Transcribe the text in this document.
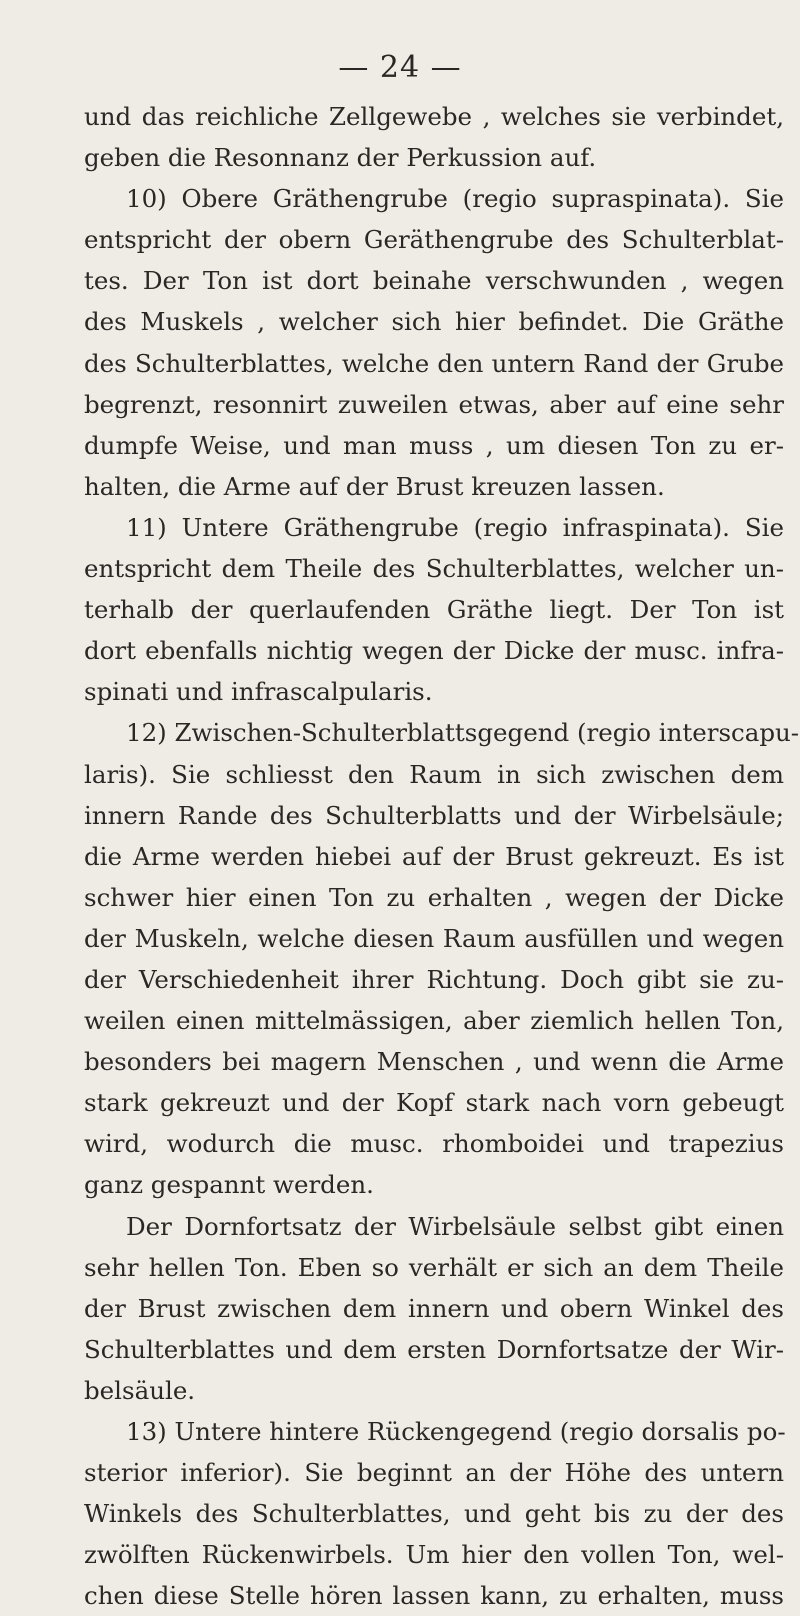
— 24 —
und das reichliche Zellgewebe , welches sie verbindet,
geben die Resonnanz der Perkussion auf.
10) Obere Gräthengrube (regio supraspinata). Sie
entspricht der obern Geräthengrube des Schulterblat-
tes. Der Ton ist dort beinahe verschwunden , wegen
des Muskels , welcher sich hier befindet. Die Gräthe
des Schulterblattes, welche den untern Rand der Grube
begrenzt, resonnirt zuweilen etwas, aber auf eine sehr
dumpfe Weise, und man muss , um diesen Ton zu er-
halten, die Arme auf der Brust kreuzen lassen.
11) Untere Gräthengrube (regio infraspinata). Sie
entspricht dem Theile des Schulterblattes, welcher un-
terhalb der querlaufenden Gräthe liegt. Der Ton ist
dort ebenfalls nichtig wegen der Dicke der musc. infra-
spinati und infrascalpularis.
12) Zwischen-Schulterblattsgegend (regio interscapu-
laris). Sie schliesst den Raum in sich zwischen dem
innern Rande des Schulterblatts und der Wirbelsäule;
die Arme werden hiebei auf der Brust gekreuzt. Es ist
schwer hier einen Ton zu erhalten , wegen der Dicke
der Muskeln, welche diesen Raum ausfüllen und wegen
der Verschiedenheit ihrer Richtung. Doch gibt sie zu-
weilen einen mittelmässigen, aber ziemlich hellen Ton,
besonders bei magern Menschen , und wenn die Arme
stark gekreuzt und der Kopf stark nach vorn gebeugt
wird, wodurch die musc. rhomboidei und trapezius
ganz gespannt werden.
Der Dornfortsatz der Wirbelsäule selbst gibt einen
sehr hellen Ton. Eben so verhält er sich an dem Theile
der Brust zwischen dem innern und obern Winkel des
Schulterblattes und dem ersten Dornfortsatze der Wir-
belsäule.
13) Untere hintere Rückengegend (regio dorsalis po-
sterior inferior). Sie beginnt an der Höhe des untern
Winkels des Schulterblattes, und geht bis zu der des
zwölften Rückenwirbels. Um hier den vollen Ton, wel-
chen diese Stelle hören lassen kann, zu erhalten, muss
